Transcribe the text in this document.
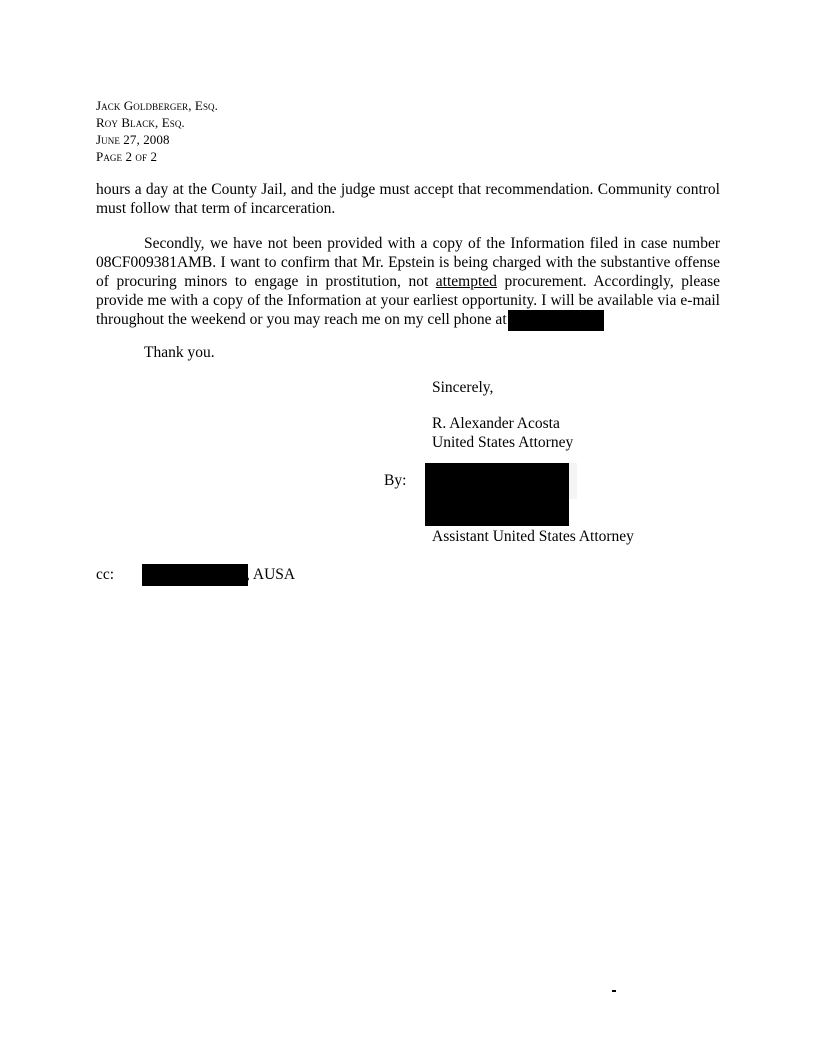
Jack Goldberger, Esq.
Roy Black, Esq.
June 27, 2008
Page 2 of 2
hours a day at the County Jail, and the judge must accept that recommendation. Community control
must follow that term of incarceration.
Secondly, we have not been provided with a copy of the Information filed in case number
08CF009381AMB. I want to confirm that Mr. Epstein is being charged with the substantive offense
of procuring minors to engage in prostitution, not attempted procurement. Accordingly, please
provide me with a copy of the Information at your earliest opportunity. I will be available via e-mail
throughout the weekend or you may reach me on my cell phone at
Thank you.
Sincerely,
R. Alexander Acosta
United States Attorney
By:
Assistant United States Attorney
cc:	, AUSA
